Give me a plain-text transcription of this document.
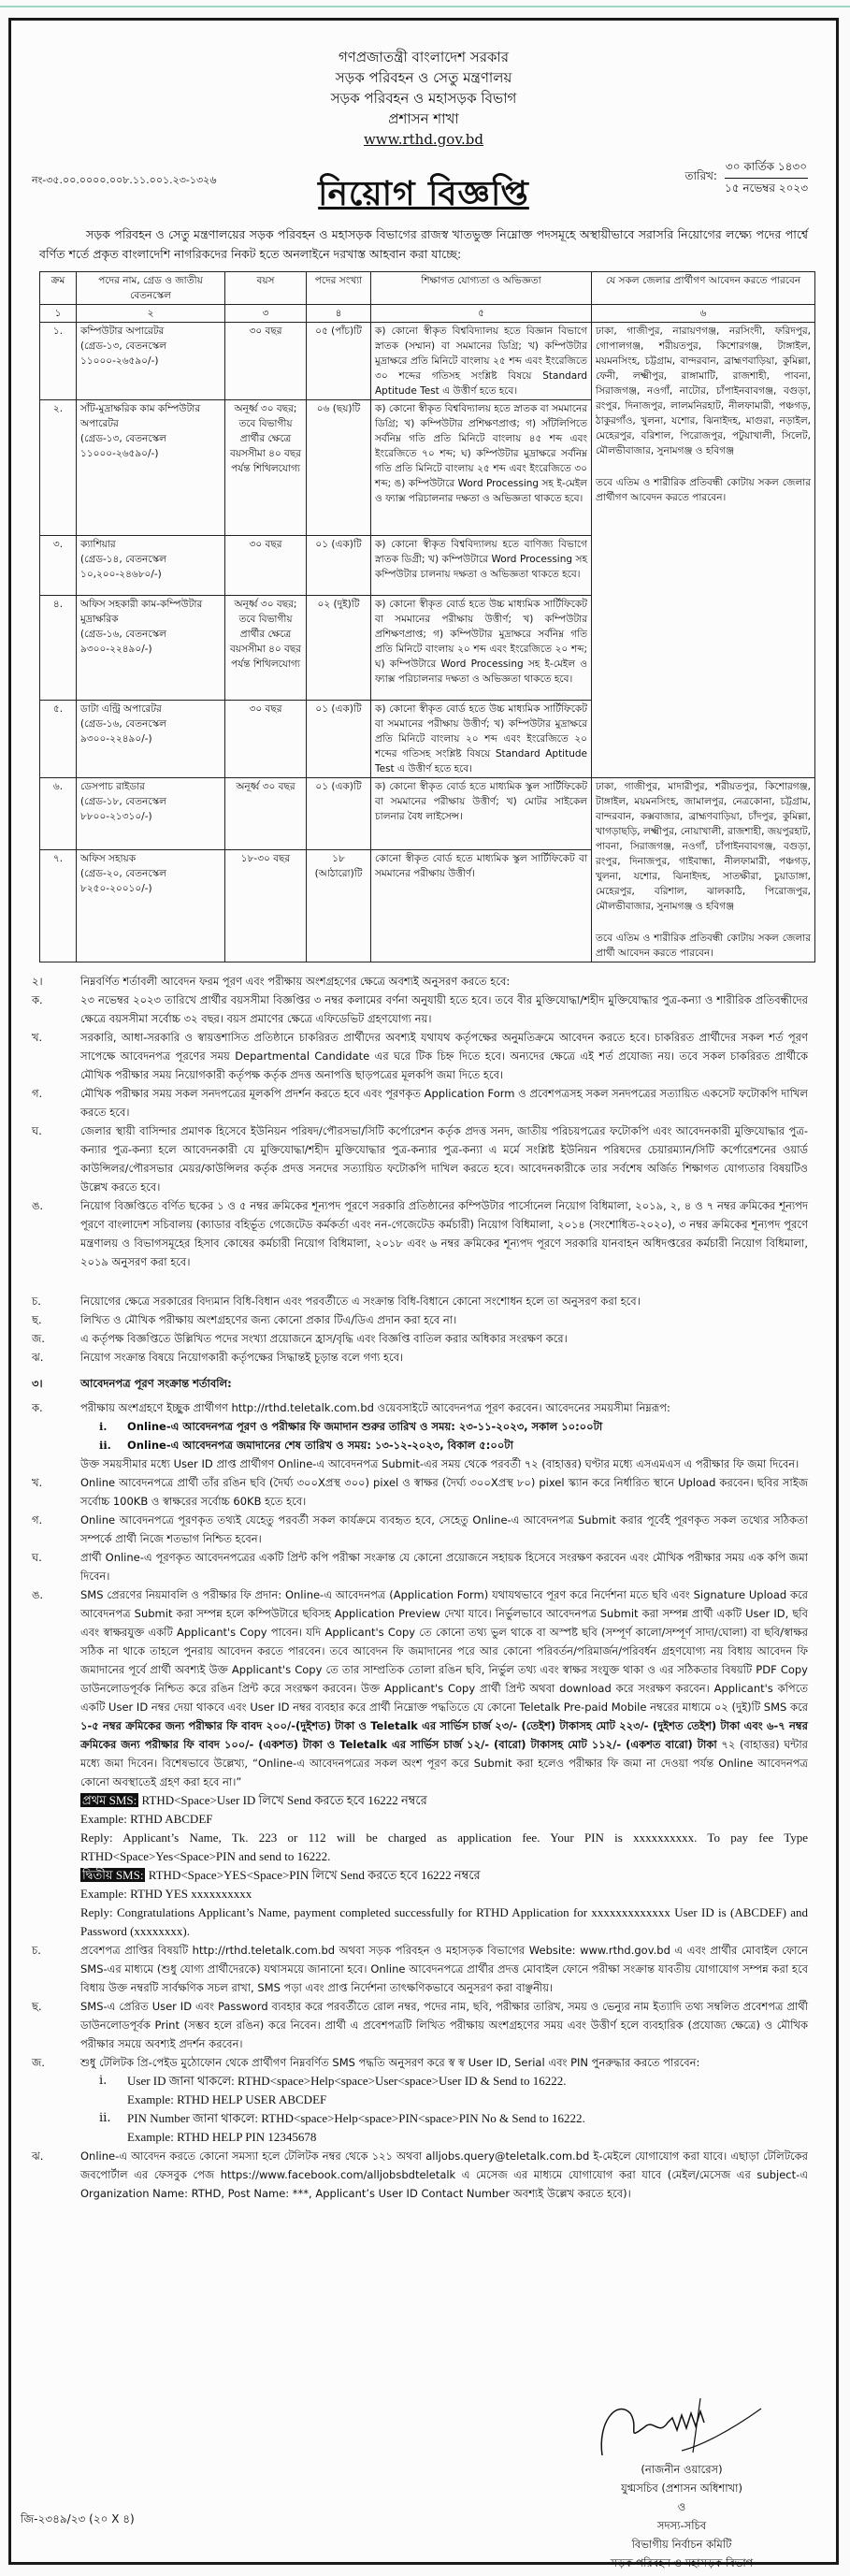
গণপ্রজাতন্ত্রী বাংলাদেশ সরকার
সড়ক পরিবহন ও সেতু মন্ত্রণালয়
সড়ক পরিবহন ও মহাসড়ক বিভাগ
প্রশাসন শাখা
www.rthd.gov.bd
নং-৩৫.০০.০০০০.০০৮.১১.০০১.২৩-১৩২৬	নিয়োগ বিজ্ঞপ্তি	তারিখ:
৩০ কার্তিক ১৪৩০
১৫ নভেম্বর ২০২৩
সড়ক পরিবহন ও সেতু মন্ত্রণালয়ের সড়ক পরিবহন ও মহাসড়ক বিভাগের রাজস্ব খাতভুক্ত নিম্নোক্ত পদসমূহে অস্থায়ীভাবে সরাসরি নিয়োগের লক্ষ্যে পদের পার্শ্বে বর্ণিত শর্তে প্রকৃত বাংলাদেশি নাগরিকদের নিকট হতে অনলাইনে দরখাস্ত আহবান করা যাচ্ছে:
ক্রম	পদের নাম, গ্রেড ও জাতীয় বেতনস্কেল	বয়স	পদের সংখ্যা	শিক্ষাগত যোগ্যতা ও অভিজ্ঞতা	যে সকল জেলার প্রার্থীগণ আবেদন করতে পারবেন
১	২	৩	৪	৫	৬
১.	কম্পিউটার অপারেটর
(গ্রেড-১৩, বেতনস্কেল ১১০০০-২৬৫৯০/-)
	৩০ বছর	০৫ (পাঁচ)টি	ক) কোনো স্বীকৃত বিশ্ববিদ্যালয় হতে বিজ্ঞান বিভাগে স্নাতক (সম্মান) বা সমমানের ডিগ্রি; খ) কম্পিউটার মুদ্রাক্ষরে প্রতি মিনিটে বাংলায় ২৫ শব্দ এবং ইংরেজিতে ৩০ শব্দের গতিসহ সংশ্লিষ্ট বিষয়ে Standard Aptitude Test এ উত্তীর্ণ হতে হবে।	
ঢাকা, গাজীপুর, নারায়ণগঞ্জ, নরসিংদী, ফরিদপুর, গোপালগঞ্জ, শরীয়তপুর, কিশোরগঞ্জ, টাঙ্গাইল, ময়মনসিংহ, চট্টগ্রাম, বান্দরবান, ব্রাহ্মণবাড়িয়া, কুমিল্লা, ফেনী, লক্ষ্মীপুর, রাঙ্গামাটি, রাজশাহী, পাবনা, সিরাজগঞ্জ, নওগাঁ, নাটোর, চাঁপাইনবাবগঞ্জ, বগুড়া, রংপুর, দিনাজপুর, লালমনিরহাট, নীলফামারী, পঞ্চগড়, ঠাকুরগাঁও, খুলনা, যশোর, ঝিনাইদহ, মাগুরা, নড়াইল, মেহেরপুর, বরিশাল, পিরোজপুর, পটুয়াখালী, সিলেট, মৌলভীবাজার, সুনামগঞ্জ ও হবিগঞ্জ
তবে এতিম ও শারীরিক প্রতিবন্ধী কোটায় সকল জেলার প্রার্থীগণ আবেদন করতে পারবেন।

২.	সাঁট-মুদ্রাক্ষরিক কাম কম্পিউটার অপারেটর
(গ্রেড-১৩, বেতনস্কেল ১১০০০-২৬৫৯০/-)	অনূর্ধ্ব ৩০ বছর; তবে বিভাগীয় প্রার্থীর ক্ষেত্রে বয়সসীমা ৪০ বছর পর্যন্ত শিথিলযোগ্য	০৬ (ছয়)টি	ক) কোনো স্বীকৃত বিশ্ববিদ্যালয় হতে স্নাতক বা সমমানের ডিগ্রি; খ) কম্পিউটার প্রশিক্ষণপ্রাপ্ত; গ) সাঁটলিপিতে সর্বনিম্ন গতি প্রতি মিনিটে বাংলায় ৪৫ শব্দ এবং ইংরেজিতে ৭০ শব্দ; ঘ) কম্পিউটার মুদ্রাক্ষরে সর্বনিম্ন গতি প্রতি মিনিটে বাংলায় ২৫ শব্দ এবং ইংরেজিতে ৩০ শব্দ; ঙ) কম্পিউটারে Word Processing সহ ই-মেইল ও ফ্যাক্স পরিচালনার দক্ষতা ও অভিজ্ঞতা থাকতে হবে।	
৩.	ক্যাশিয়ার
(গ্রেড-১৪, বেতনস্কেল ১০,২০০-২৪৬৮০/-)	৩০ বছর	০১ (এক)টি	ক) কোনো স্বীকৃত বিশ্ববিদ্যালয় হতে বাণিজ্য বিভাগে স্নাতক ডিগ্রী; খ) কম্পিউটারে Word Processing সহ কম্পিউটার চালনায় দক্ষতা ও অভিজ্ঞতা থাকতে হবে।	
৪.	অফিস সহকারী কাম-কম্পিউটার মুদ্রাক্ষরিক
(গ্রেড-১৬, বেতনস্কেল ৯৩০০-২২৪৯০/-)	অনূর্ধ্ব ৩০ বছর; তবে বিভাগীয় প্রার্থীর ক্ষেত্রে বয়সসীমা ৪০ বছর পর্যন্ত শিথিলযোগ্য	০২ (দুই)টি	ক) কোনো স্বীকৃত বোর্ড হতে উচ্চ মাধ্যমিক সার্টিফিকেট বা সমমানের পরীক্ষায় উত্তীর্ণ; খ) কম্পিউটার প্রশিক্ষণপ্রাপ্ত; গ) কম্পিউটার মুদ্রাক্ষরে সর্বনিম্ন গতি প্রতি মিনিটে বাংলায় ২০ শব্দ এবং ইংরেজিতে ২০ শব্দ; ঘ) কম্পিউটারে Word Processing সহ ই-মেইল ও ফ্যাক্স পরিচালনার দক্ষতা ও অভিজ্ঞতা থাকতে হবে।	
৫.	ডাটা এন্ট্রি অপারেটর
(গ্রেড-১৬, বেতনস্কেল ৯৩০০-২২৪৯০/-)	৩০ বছর	০১ (এক)টি	ক) কোনো স্বীকৃত বোর্ড হতে উচ্চ মাধ্যমিক সার্টিফিকেট বা সমমানের পরীক্ষায় উত্তীর্ণ; খ) কম্পিউটার মুদ্রাক্ষরে প্রতি মিনিটে বাংলায় ২০ শব্দ এবং ইংরেজিতে ২০ শব্দের গতিসহ সংশ্লিষ্ট বিষয়ে Standard Aptitude Test এ উত্তীর্ণ হতে হবে।	
৬.	ডেসপাচ রাইডার
(গ্রেড-১৮, বেতনস্কেল ৮৮০০-২১৩১০/-)
	অনূর্ধ্ব ৩০ বছর	০১ (এক)টি	ক) কোনো স্বীকৃত বোর্ড হতে মাধ্যমিক স্কুল সার্টিফিকেট বা সমমানের পরীক্ষায় উত্তীর্ণ; খ) মোটর সাইকেল চালনার বৈধ লাইসেন্স।	
ঢাকা, গাজীপুর, মাদারীপুর, শরীয়তপুর, কিশোরগঞ্জ, টাঙ্গাইল, ময়মনসিংহ, জামালপুর, নেত্রকোনা, চট্টগ্রাম, বান্দরবান, কক্সবাজার, ব্রাহ্মণবাড়িয়া, চাঁদপুর, কুমিল্লা, খাগড়াছড়ি, লক্ষ্মীপুর, নোয়াখালী, রাজশাহী, জয়পুরহাট, পাবনা, সিরাজগঞ্জ, নওগাঁ, চাঁপাইনবাবগঞ্জ, বগুড়া, রংপুর, দিনাজপুর, গাইবান্ধা, নীলফামারী, পঞ্চগড়, খুলনা, যশোর, ঝিনাইদহ, সাতক্ষীরা, চুয়াডাঙ্গা, মেহেরপুর, বরিশাল, ঝালকাঠি, পিরোজপুর, মৌলভীবাজার, সুনামগঞ্জ ও হবিগঞ্জ
তবে এতিম ও শারীরিক প্রতিবন্ধী কোটায় সকল জেলার প্রার্থী আবেদন করতে পারবেন।

৭.	অফিস সহায়ক
(গ্রেড-২০, বেতনস্কেল ৮২৫০-২০০১০/-)	১৮-৩০ বছর	১৮ (আঠারো)টি	কোনো স্বীকৃত বোর্ড হতে মাধ্যমিক স্কুল সার্টিফিকেট বা সমমানের পরীক্ষায় উত্তীর্ণ।	
২।	নিম্নবর্ণিত শর্তাবলী আবেদন ফরম পূরণ এবং পরীক্ষায় অংশগ্রহণের ক্ষেত্রে অবশ্যই অনুসরণ করতে হবে:
ক.	২৩ নভেম্বর ২০২৩ তারিখে প্রার্থীর বয়সসীমা বিজ্ঞপ্তির ৩ নম্বর কলামের বর্ণনা অনুযায়ী হতে হবে। তবে বীর মুক্তিযোদ্ধা/শহীদ মুক্তিযোদ্ধার পুত্র-কন্যা ও শারীরিক প্রতিবন্ধীদের ক্ষেত্রে বয়সসীমা সর্বোচ্চ ৩২ বছর। বয়স প্রমাণের ক্ষেত্রে এফিডেভিট গ্রহণযোগ্য নয়।
খ.	সরকারি, আধা-সরকারি ও স্বায়ত্তশাসিত প্রতিষ্ঠানে চাকরিরত প্রার্থীদের অবশ্যই যথাযথ কর্তৃপক্ষের অনুমতিক্রমে আবেদন করতে হবে। চাকরিরত প্রার্থীদের সকল শর্ত পূরণ সাপেক্ষে আবেদনপত্র পূরণের সময় Departmental Candidate এর ঘরে টিক চিহ্ন দিতে হবে। অন্যদের ক্ষেত্রে এই শর্ত প্রযোজ্য নয়। তবে সকল চাকরিরত প্রার্থীকে মৌখিক পরীক্ষার সময় নিয়োগকারী কর্তৃপক্ষ কর্তৃক প্রদত্ত অনাপত্তি ছাড়পত্রের মূলকপি জমা দিতে হবে।
গ.	মৌখিক পরীক্ষার সময় সকল সনদপত্রের মূলকপি প্রদর্শন করতে হবে এবং পূরণকৃত Application Form ও প্রবেশপত্রসহ সকল সনদপত্রের সত্যায়িত একসেট ফটোকপি দাখিল করতে হবে।
ঘ.	জেলার স্থায়ী বাসিন্দার প্রমাণক হিসেবে ইউনিয়ন পরিষদ/পৌরসভা/সিটি কর্পোরেশন কর্তৃক প্রদত্ত সনদ, জাতীয় পরিচয়পত্রের ফটোকপি এবং আবেদনকারী মুক্তিযোদ্ধার পুত্র-কন্যার পুত্র-কন্যা হলে আবেদনকারী যে মুক্তিযোদ্ধা/শহীদ মুক্তিযোদ্ধার পুত্র-কন্যার পুত্র-কন্যা এ মর্মে সংশ্লিষ্ট ইউনিয়ন পরিষদের চেয়ারম্যান/সিটি কর্পোরেশনের ওয়ার্ড কাউন্সিলর/পৌরসভার মেয়র/কাউন্সিলর কর্তৃক প্রদত্ত সনদের সত্যায়িত ফটোকপি দাখিল করতে হবে। আবেদনকারীকে তার সর্বশেষ অর্জিত শিক্ষাগত যোগ্যতার বিষয়টিও উল্লেখ করতে হবে।
ঙ.	নিয়োগ বিজ্ঞপ্তিতে বর্ণিত ছকের ১ ও ৫ নম্বর ক্রমিকের শূন্যপদ পূরণে সরকারি প্রতিষ্ঠানের কম্পিউটার পার্সোনেল নিয়োগ বিধিমালা, ২০১৯, ২, ৪ ও ৭ নম্বর ক্রমিকের শূন্যপদ পূরণে বাংলাদেশ সচিবালয় (ক্যাডার বহির্ভূত গেজেটেড কর্মকর্তা এবং নন-গেজেটেড কর্মচারী) নিয়োগ বিধিমালা, ২০১৪ (সংশোধিত-২০২০), ৩ নম্বর ক্রমিকের শূন্যপদ পূরণে মন্ত্রণালয় ও বিভাগসমূহের হিসাব কোষের কর্মচারী নিয়োগ বিধিমালা, ২০১৮ এবং ৬ নম্বর ক্রমিকের শূন্যপদ পূরণে সরকারি যানবাহন অধিদপ্তরের কর্মচারী নিয়োগ বিধিমালা, ২০১৯ অনুসরণ করা হবে।
চ.	নিয়োগের ক্ষেত্রে সরকারের বিদ্যমান বিধি-বিধান এবং পরবর্তীতে এ সংক্রান্ত বিধি-বিধানে কোনো সংশোধন হলে তা অনুসরণ করা হবে।
ছ.	লিখিত ও মৌখিক পরীক্ষায় অংশগ্রহণের জন্য কোনো প্রকার টিএ/ডিএ প্রদান করা হবে না।
জ.	এ কর্তৃপক্ষ বিজ্ঞপ্তিতে উল্লিখিত পদের সংখ্যা প্রয়োজনে হ্রাস/বৃদ্ধি এবং বিজ্ঞপ্তি বাতিল করার অধিকার সংরক্ষণ করে।
ঝ.	নিয়োগ সংক্রান্ত বিষয়ে নিয়োগকারী কর্তৃপক্ষের সিদ্ধান্তই চূড়ান্ত বলে গণ্য হবে।
৩।	আবেদনপত্র পূরণ সংক্রান্ত শর্তাবলি:
ক.	পরীক্ষায় অংশগ্রহণে ইচ্ছুক প্রার্থীগণ http://rthd.teletalk.com.bd ওয়েবসাইটে আবেদনপত্র পূরণ করবেন। আবেদনের সময়সীমা নিম্নরূপ:
i.	Online-এ আবেদনপত্র পূরণ ও পরীক্ষার ফি জমাদান শুরুর তারিখ ও সময়: ২৩-১১-২০২৩, সকাল ১০:০০টা
ii.	Online-এ আবেদনপত্র জমাদানের শেষ তারিখ ও সময়: ১৩-১২-২০২৩, বিকাল ৫:০০টা
উক্ত সময়সীমার মধ্যে User ID প্রাপ্ত প্রার্থীগণ Online-এ আবেদনপত্র Submit-এর সময় থেকে পরবর্তী ৭২ (বাহাত্তর) ঘণ্টার মধ্যে এসএমএস এ পরীক্ষার ফি জমা দিবেন।
খ.	Online আবেদনপত্রে প্রার্থী তাঁর রঙিন ছবি (দৈর্ঘ্য ৩০০Xপ্রস্থ ৩০০) pixel ও স্বাক্ষর (দৈর্ঘ্য ৩০০Xপ্রস্থ ৮০) pixel স্ক্যান করে নির্ধারিত স্থানে Upload করবেন। ছবির সাইজ সর্বোচ্চ 100KB ও স্বাক্ষরের সর্বোচ্চ 60KB হতে হবে।
গ.	Online আবেদনপত্রে পূরণকৃত তথ্যই যেহেতু পরবর্তী সকল কার্যক্রমে ব্যবহৃত হবে, সেহেতু Online-এ আবেদনপত্র Submit করার পূর্বেই পূরণকৃত সকল তথ্যের সঠিকতা সম্পর্কে প্রার্থী নিজে শতভাগ নিশ্চিত হবেন।
ঘ.	প্রার্থী Online-এ পূরণকৃত আবেদনপত্রের একটি প্রিন্ট কপি পরীক্ষা সংক্রান্ত যে কোনো প্রয়োজনে সহায়ক হিসেবে সংরক্ষণ করবেন এবং মৌখিক পরীক্ষার সময় এক কপি জমা দিবেন।
ঙ.	SMS প্রেরণের নিয়মাবলি ও পরীক্ষার ফি প্রদান: Online-এ আবেদনপত্র (Application Form) যথাযথভাবে পূরণ করে নির্দেশনা মতে ছবি এবং Signature Upload করে আবেদনপত্র Submit করা সম্পন্ন হলে কম্পিউটারে ছবিসহ Application Preview দেখা যাবে। নির্ভুলভাবে আবেদনপত্র Submit করা সম্পন্ন প্রার্থী একটি User ID, ছবি এবং স্বাক্ষরযুক্ত একটি Applicant's Copy পাবেন। যদি Applicant's Copy তে কোনো তথ্য ভুল থাকে বা অস্পষ্ট ছবি (সম্পূর্ণ কালো/সম্পূর্ণ সাদা/ঘোলা) বা ছবি/স্বাক্ষর সঠিক না থাকে তাহলে পুনরায় আবেদন করতে পারবেন। তবে আবেদন ফি জমাদানের পরে আর কোনো পরিবর্তন/পরিমার্জন/পরিবর্ধন গ্রহণযোগ্য নয় বিধায় আবেদন ফি জমাদানের পূর্বে প্রার্থী অবশ্যই উক্ত Applicant's Copy তে তার সাম্প্রতিক তোলা রঙিন ছবি, নির্ভুল তথ্য এবং স্বাক্ষর সংযুক্ত থাকা ও এর সঠিকতার বিষয়টি PDF Copy ডাউনলোডপূর্বক নিশ্চিত করে রঙিন প্রিন্ট করে সংরক্ষণ করবেন। উক্ত Applicant's Copy প্রার্থী প্রিন্ট অথবা download করে সংরক্ষণ করবেন। Applicant's কপিতে একটি User ID নম্বর দেয়া থাকবে এবং User ID নম্বর ব্যবহার করে প্রার্থী নিম্নোক্ত পদ্ধতিতে যে কোনো Teletalk Pre-paid Mobile নম্বরের মাধ্যমে ০২ (দুই)টি SMS করে ১-৫ নম্বর ক্রমিকের জন্য পরীক্ষার ফি বাবদ ২০০/-(দুইশত) টাকা ও Teletalk এর সার্ভিস চার্জ ২৩/- (তেইশ) টাকাসহ মোট ২২৩/- (দুইশত তেইশ) টাকা এবং ৬-৭ নম্বর ক্রমিকের জন্য পরীক্ষার ফি বাবদ ১০০/- (একশত) টাকা ও Teletalk এর সার্ভিস চার্জ ১২/- (বারো) টাকাসহ মোট ১১২/- (একশত বারো) টাকা ৭২ (বাহাত্তর) ঘন্টার মধ্যে জমা দিবেন। বিশেষভাবে উল্লেখ্য, “Online-এ আবেদনপত্রের সকল অংশ পূরণ করে Submit করা হলেও পরীক্ষার ফি জমা না দেওয়া পর্যন্ত Online আবেদনপত্র কোনো অবস্থাতেই গ্রহণ করা হবে না।”
প্রথম SMS: RTHD<Space>User ID লিখে Send করতে হবে 16222 নম্বরে
Example: RTHD ABCDEF
Reply: Applicant’s Name, Tk. 223 or 112 will be charged as application fee. Your PIN is xxxxxxxxxx. To pay fee Type RTHD<Space>Yes<Space>PIN and send to 16222.
দ্বিতীয় SMS: RTHD<Space>YES<Space>PIN লিখে Send করতে হবে 16222 নম্বরে
Example: RTHD YES xxxxxxxxxx
Reply: Congratulations Applicant’s Name, payment completed successfully for RTHD Application for xxxxxxxxxxxxx User ID is (ABCDEF) and Password (xxxxxxxx).
চ.	প্রবেশপত্র প্রাপ্তির বিষয়টি http://rthd.teletalk.com.bd অথবা সড়ক পরিবহন ও মহাসড়ক বিভাগের Website: www.rthd.gov.bd এ এবং প্রার্থীর মোবাইল ফোনে SMS-এর মাধ্যমে (শুধু যোগ্য প্রার্থীদেরকে) যথাসময়ে জানানো হবে। Online আবেদনপত্রে প্রার্থীর প্রদত্ত মোবাইল ফোনে পরীক্ষা সংক্রান্ত যাবতীয় যোগাযোগ সম্পন্ন করা হবে বিধায় উক্ত নম্বরটি সার্বক্ষণিক সচল রাখা, SMS পড়া এবং প্রাপ্ত নির্দেশনা তাৎক্ষণিকভাবে অনুসরণ করা বাঞ্ছনীয়।
ছ.	SMS-এ প্রেরিত User ID এবং Password ব্যবহার করে পরবর্তীতে রোল নম্বর, পদের নাম, ছবি, পরীক্ষার তারিখ, সময় ও ভেন্যুর নাম ইত্যাদি তথ্য সম্বলিত প্রবেশপত্র প্রার্থী ডাউনলোডপূর্বক Print (সম্ভব হলে রঙিন) করে নিবেন। প্রার্থী এ প্রবেশপত্রটি লিখিত পরীক্ষায় অংশগ্রহণের সময় এবং উত্তীর্ণ হলে ব্যবহারিক (প্রযোজ্য ক্ষেত্রে) ও মৌখিক পরীক্ষার সময়ে অবশ্যই প্রদর্শন করবেন।
জ.	শুধু টেলিটক প্রি-পেইড মুঠোফোন থেকে প্রার্থীগণ নিম্নবর্ণিত SMS পদ্ধতি অনুসরণ করে স্ব স্ব User ID, Serial এবং PIN পুনরুদ্ধার করতে পারবেন:
i.	User ID জানা থাকলে: RTHD<space>Help<space>User<space>User ID & Send to 16222.
Example: RTHD HELP USER ABCDEF
ii.	PIN Number জানা থাকলে: RTHD<space>Help<space>PIN<space>PIN No & Send to 16222.
Example: RTHD HELP PIN 12345678
ঝ.	Online-এ আবেদন করতে কোনো সমস্যা হলে টেলিটক নম্বর থেকে ১২১ অথবা alljobs.query@teletalk.com.bd ই-মেইলে যোগাযোগ করা যাবে। এছাড়া টেলিটকের জবপোর্টাল এর ফেসবুক পেজ https://www.facebook.com/alljobsbdteletalk এ মেসেজ এর মাধ্যমে যোগাযোগ করা যাবে (মেইল/মেসেজ এর subject-এ Organization Name: RTHD, Post Name: ***, Applicant’s User ID Contact Number অবশ্যই উল্লেখ করতে হবে)।
(নাজনীন ওয়ারেস)
যুগ্মসচিব (প্রশাসন অধিশাখা)
ও
সদস্য-সচিব
বিভাগীয় নির্বাচন কমিটি
সড়ক পরিবহন ও মহাসড়ক বিভাগ
জি-২৩৪৯/২৩ (২০ X ৪)
